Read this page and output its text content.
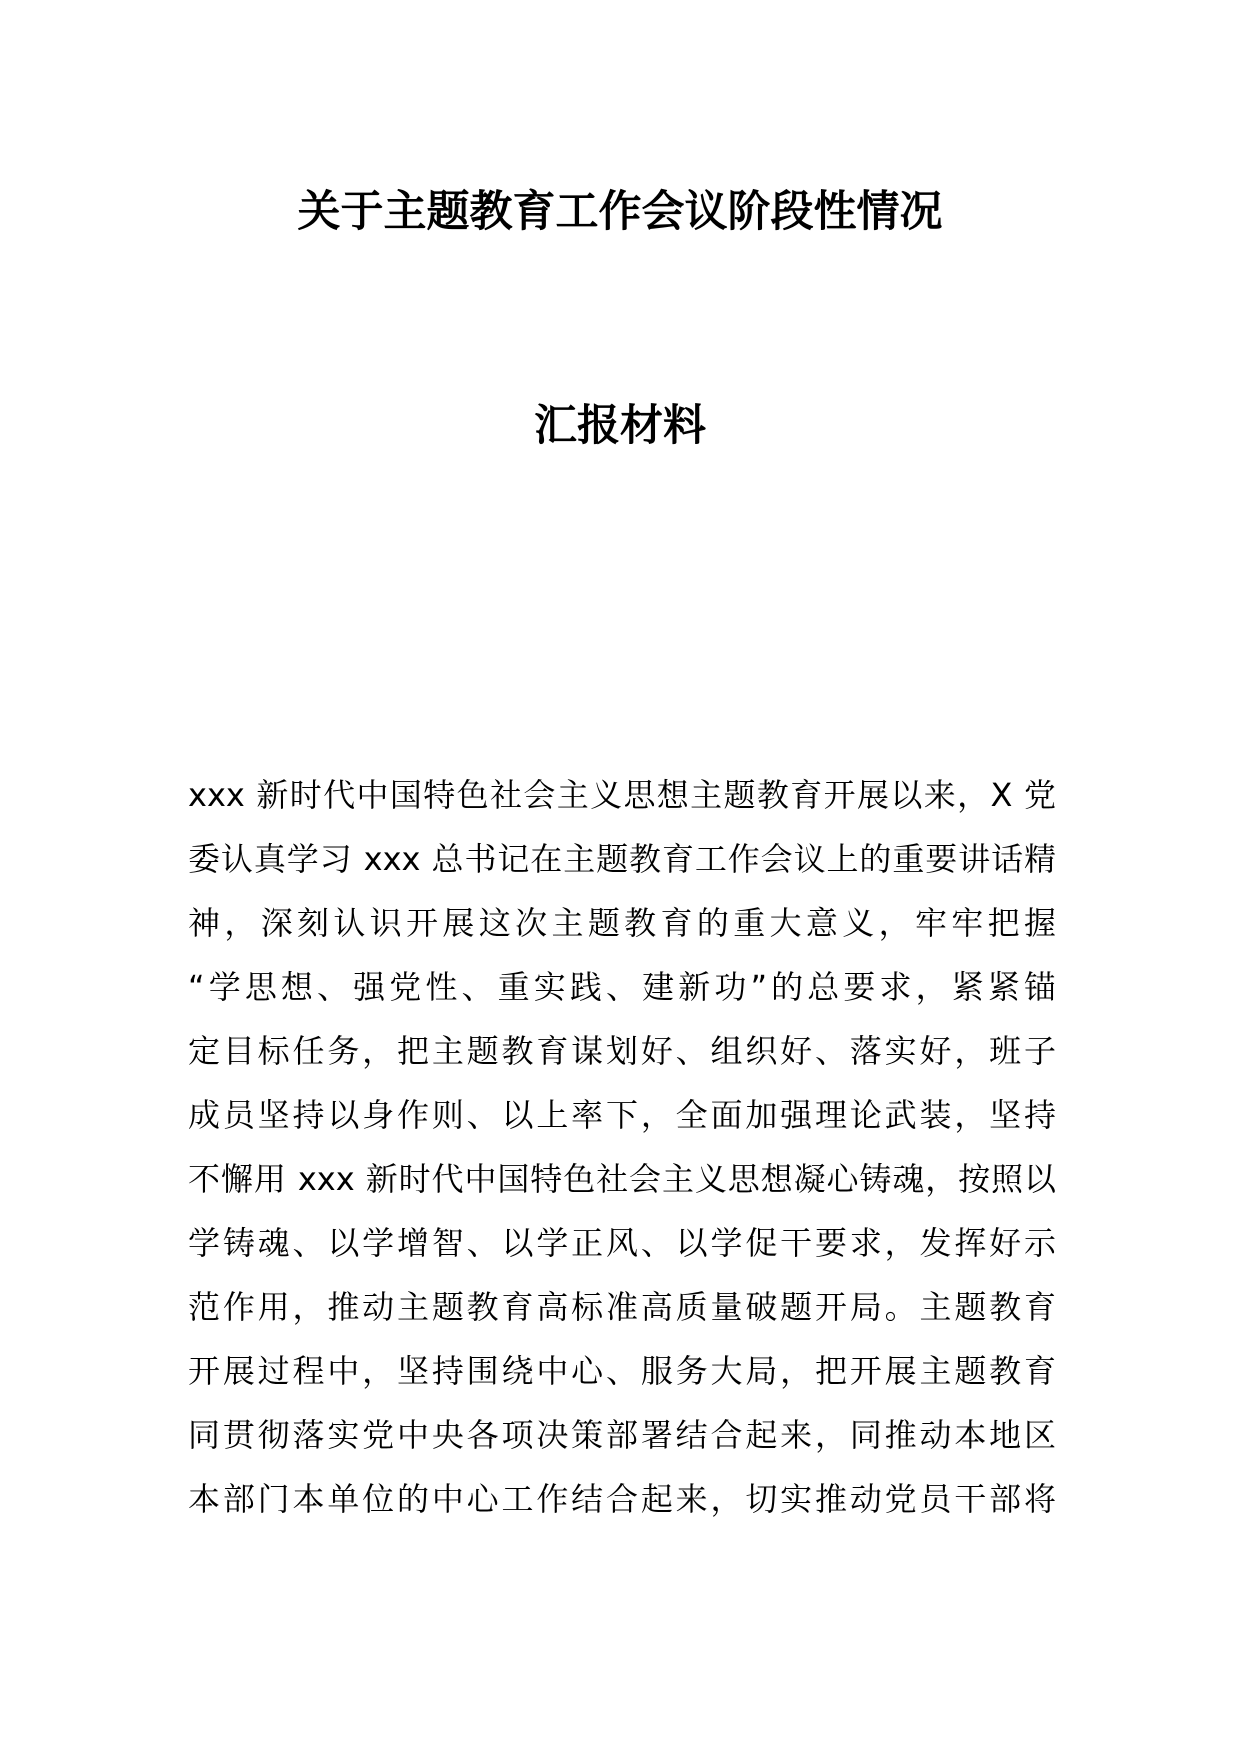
关于主题教育工作会议阶段性情况
汇报材料
xxx 新时代中国特色社会主义思想主题教育开展以来，X 党
委认真学习 xxx 总书记在主题教育工作会议上的重要讲话精
神，深刻认识开展这次主题教育的重大意义，牢牢把握
“学思想、强党性、重实践、建新功”的总要求，紧紧锚
定目标任务，把主题教育谋划好、组织好、落实好，班子
成员坚持以身作则、以上率下，全面加强理论武装，坚持
不懈用 xxx 新时代中国特色社会主义思想凝心铸魂，按照以
学铸魂、以学增智、以学正风、以学促干要求，发挥好示
范作用，推动主题教育高标准高质量破题开局。主题教育
开展过程中，坚持围绕中心、服务大局，把开展主题教育
同贯彻落实党中央各项决策部署结合起来，同推动本地区
本部门本单位的中心工作结合起来，切实推动党员干部将
